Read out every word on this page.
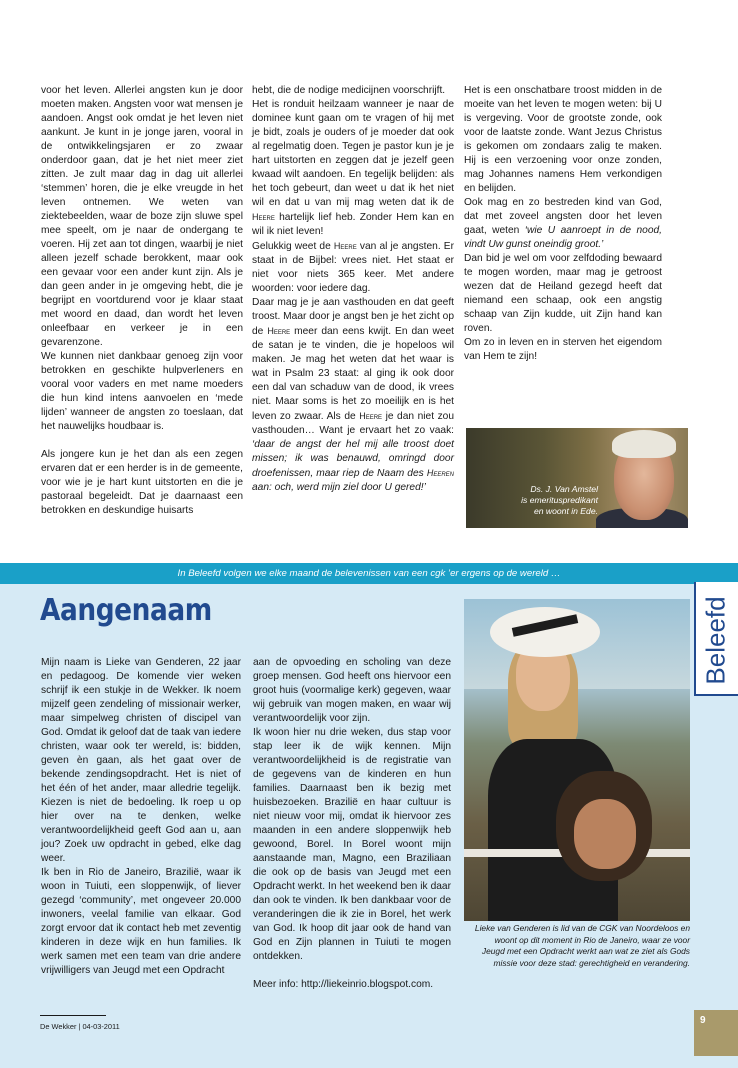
voor het leven. Allerlei angsten kun je door moeten maken. Angsten voor wat mensen je aandoen. Angst ook omdat je het leven niet aankunt. Je kunt in je jonge jaren, vooral in de ontwikkelingsjaren er zo zwaar onderdoor gaan, dat je het niet meer ziet zitten. Je zult maar dag in dag uit allerlei ‘stemmen’ horen, die je elke vreugde in het leven ontnemen. We weten van ziektebeelden, waar de boze zijn sluwe spel mee speelt, om je naar de ondergang te voeren. Hij zet aan tot dingen, waarbij je niet alleen jezelf schade berokkent, maar ook een gevaar voor een ander kunt zijn. Als je dan geen ander in je omgeving hebt, die je begrijpt en voortdurend voor je klaar staat met woord en daad, dan wordt het leven onleefbaar en verkeer je in een gevarenzone.

We kunnen niet dankbaar genoeg zijn voor betrokken en geschikte hulpverleners en vooral voor vaders en met name moeders die hun kind intens aanvoelen en ‘mede lijden’ wanneer de angsten zo toeslaan, dat het nauwelijks houdbaar is.

Als jongere kun je het dan als een zegen ervaren dat er een herder is in de gemeente, voor wie je je hart kunt uitstorten en die je pastoraal begeleidt. Dat je daarnaast een betrokken en deskundige huisarts

hebt, die de nodige medicijnen voorschrijft.

Het is ronduit heilzaam wanneer je naar de dominee kunt gaan om te vragen of hij met je bidt, zoals je ouders of je moeder dat ook al regelmatig doen. Tegen je pastor kun je je hart uitstorten en zeggen dat je jezelf geen kwaad wilt aandoen. En tegelijk belijden: als het toch gebeurt, dan weet u dat ik het niet wil en dat u van mij mag weten dat ik de Heere hartelijk lief heb. Zonder Hem kan en wil ik niet leven!

Gelukkig weet de Heere van al je angsten. Er staat in de Bijbel: vrees niet. Het staat er niet voor niets 365 keer. Met andere woorden: voor iedere dag.

Daar mag je je aan vasthouden en dat geeft troost. Maar door je angst ben je het zicht op de Heere meer dan eens kwijt. En dan weet de satan je te vinden, die je hopeloos wil maken. Je mag het weten dat het waar is wat in Psalm 23 staat: al ging ik ook door een dal van schaduw van de dood, ik vrees niet. Maar soms is het zo moeilijk en is het leven zo zwaar. Als de Heere je dan niet zou vasthouden… Want je ervaart het zo vaak: ‘daar de angst der hel mij alle troost doet missen; ik was benauwd, omringd door droefenissen, maar riep de Naam des Heeren aan: och, werd mijn ziel door U gered!’

Het is een onschatbare troost midden in de moeite van het leven te mogen weten: bij U is vergeving. Voor de grootste zonde, ook voor de laatste zonde. Want Jezus Christus is gekomen om zondaars zalig te maken. Hij is een verzoening voor onze zonden, mag Johannes namens Hem verkondigen en belijden.

Ook mag en zo bestreden kind van God, dat met zoveel angsten door het leven gaat, weten ‘wie U aanroept in de nood, vindt Uw gunst oneindig groot.’

Dan bid je wel om voor zelfdoding bewaard te mogen worden, maar mag je getroost wezen dat de Heiland gezegd heeft dat niemand een schaap, ook een angstig schaap van Zijn kudde, uit Zijn hand kan roven.

Om zo in leven en in sterven het eigendom van Hem te zijn!

Ds. J. Van Amstel
is emerituspredikant
en woont in Ede.
In Beleefd volgen we elke maand de belevenissen van een cgk ’er ergens op de wereld …
Beleefd
Aangenaam

Mijn naam is Lieke van Genderen, 22 jaar en pedagoog. De komende vier weken schrijf ik een stukje in de Wekker. Ik noem mijzelf geen zendeling of missionair werker, maar simpelweg christen of discipel van God. Omdat ik geloof dat de taak van iedere christen, waar ook ter wereld, is: bidden, geven èn gaan, als het gaat over de bekende zendingsopdracht. Het is niet of het één of het ander, maar alledrie tegelijk. Kiezen is niet de bedoeling. Ik roep u op hier over na te denken, welke verantwoordelijkheid geeft God aan u, aan jou? Zoek uw opdracht in gebed, elke dag weer.

Ik ben in Rio de Janeiro, Brazilië, waar ik woon in Tuiuti, een sloppenwijk, of liever gezegd ‘community’, met ongeveer 20.000 inwoners, veelal familie van elkaar. God zorgt ervoor dat ik contact heb met zeventig kinderen in deze wijk en hun families. Ik werk samen met een team van drie andere vrijwilligers van Jeugd met een Opdracht

aan de opvoeding en scholing van deze groep mensen. God heeft ons hiervoor een groot huis (voormalige kerk) gegeven, waar wij gebruik van mogen maken, en waar wij verantwoordelijk voor zijn.

Ik woon hier nu drie weken, dus stap voor stap leer ik de wijk kennen. Mijn verantwoordelijkheid is de registratie van de gegevens van de kinderen en hun families. Daarnaast ben ik bezig met huisbezoeken. Brazilië en haar cultuur is niet nieuw voor mij, omdat ik hiervoor zes maanden in een andere sloppenwijk heb gewoond, Borel. In Borel woont mijn aanstaande man, Magno, een Braziliaan die ook op de basis van Jeugd met een Opdracht werkt. In het weekend ben ik daar dan ook te vinden. Ik ben dankbaar voor de veranderingen die ik zie in Borel, het werk van God. Ik hoop dit jaar ook de hand van God en Zijn plannen in Tuiuti te mogen ontdekken.

Meer info: http://liekeinrio.blogspot.com.

Lieke van Genderen is lid van de CGK van Noordeloos en woont op dit moment in Rio de Janeiro, waar ze voor Jeugd met een Opdracht werkt aan wat ze ziet als Gods missie voor deze stad: gerechtigheid en verandering.
De Wekker | 04-03-2011
9
